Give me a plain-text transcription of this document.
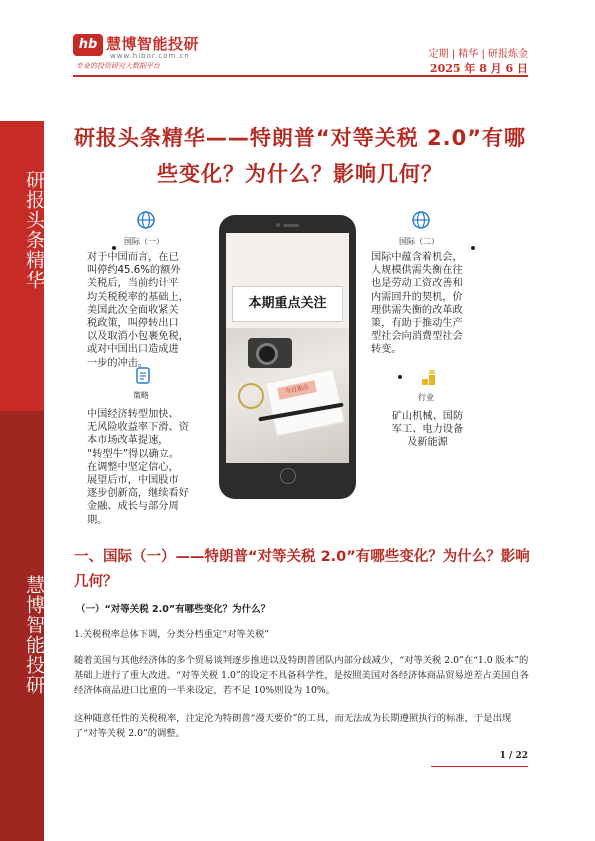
研报头条精华
慧博智能投研
hb 慧博智能投研
www.hibor.com.cn
专业的投资研究大数据平台
定期 | 精华 | 研报炼金
2025 年 8 月 6 日
研报头条精华——特朗普“对等关税 2.0”有哪些变化？为什么？影响几何？
国际（一）	国际（二）
策略	行业
对于中国而言，在已
叫停约45.6%的额外
关税后，当前约计平
均关税税率的基础上，
美国此次全面收紧关
税政策，叫停转出口
以及取消小包裹免税，
或对中国出口造成进
一步的冲击。
国际中蕴含着机会，
人规模供需失衡在往
也是劳动工资改善和
内需回升的契机，价
理供需失衡的改革政
策，有助于推动生产
型社会向消费型社会
转变。
中国经济转型加快、
无风险收益率下滑、资
本市场改革提速，
“转型牛”得以确立。
在调整中坚定信心，
展望后市，中国股市
逐步创新高，继续看好
金融、成长与部分周
期。
矿山机械、国防
军工、电力设备
及新能源
本期重点关注
今日焦点
一、国际（一）——特朗普“对等关税 2.0”有哪些变化？为什么？影响几何？
（一）“对等关税 2.0”有哪些变化？为什么？
1.关税税率总体下调，分类分档重定“对等关税”
随着美国与其他经济体的多个贸易谈判逐步推进以及特朗普团队内部分歧减少，“对等关税 2.0”在“1.0 版本”的基础上进行了重大改进。“对等关税 1.0”的设定不具备科学性，是按照美国对各经济体商品贸易逆差占美国自各经济体商品进口比重的一半来设定，若不足 10%则设为 10%。
这种随意任性的关税税率，注定沦为特朗普“漫天要价”的工具，而无法成为长期遵照执行的标准，于是出现了“对等关税 2.0”的调整。
1 / 22
